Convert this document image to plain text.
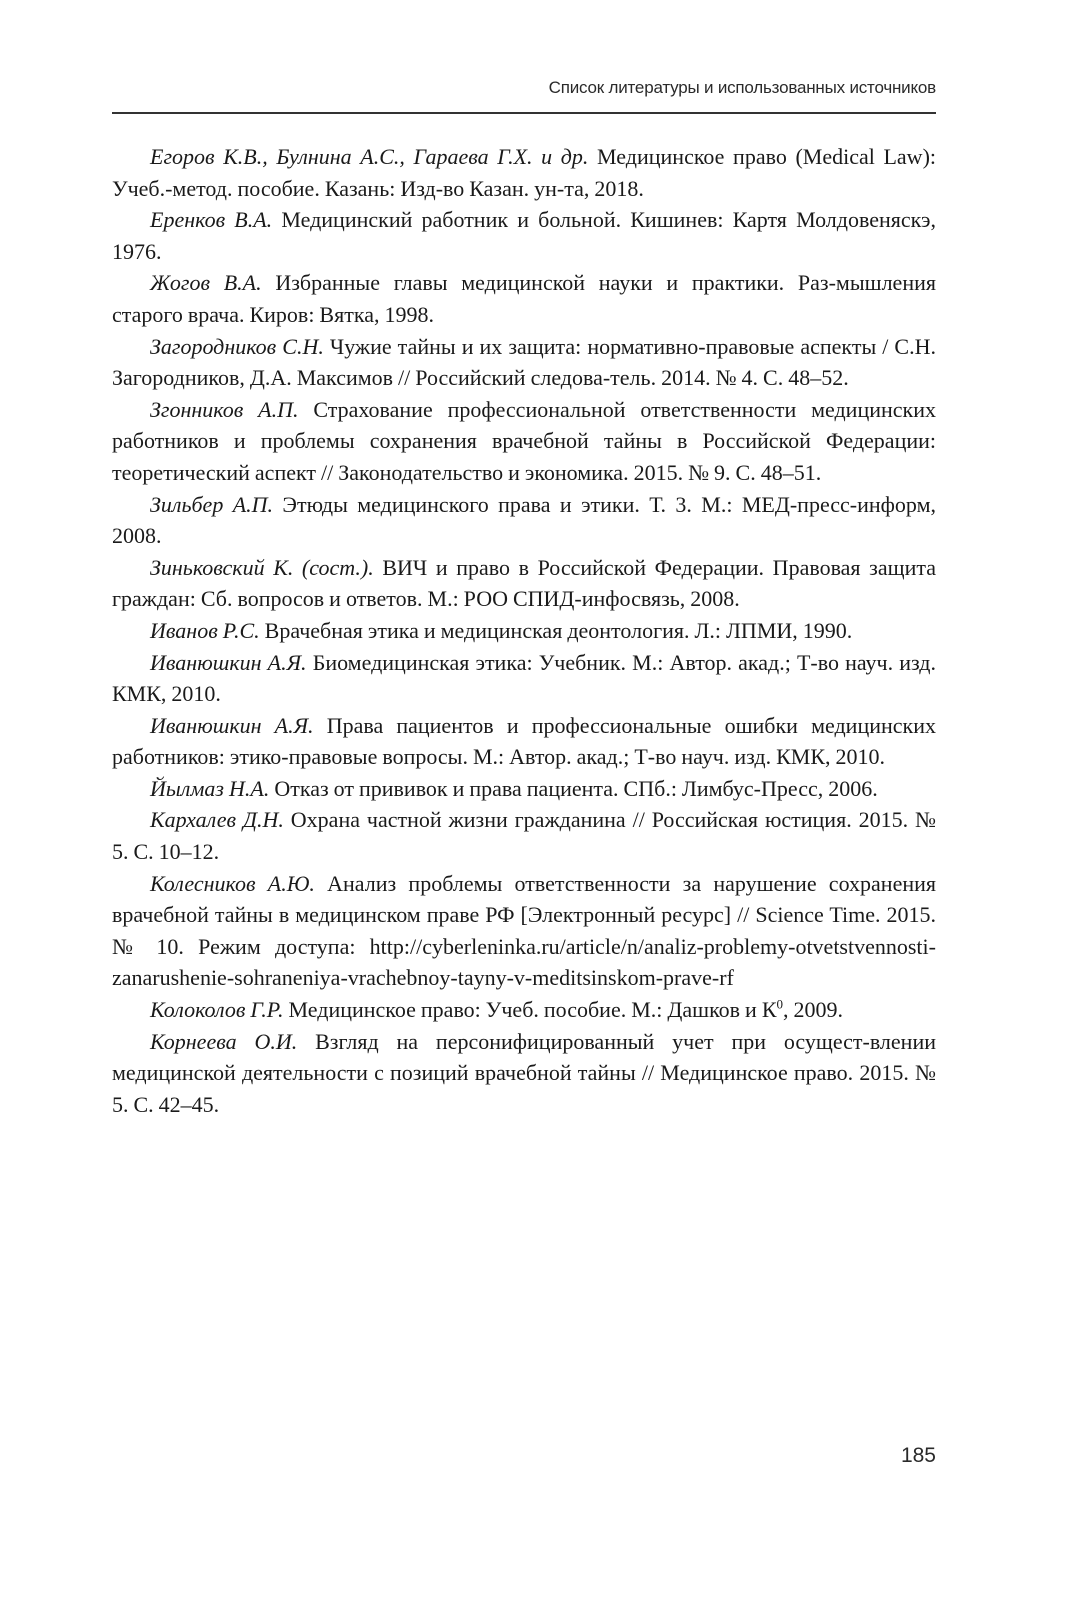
Список литературы и использованных источников

Егоров К.В., Булнина А.С., Гараева Г.Х. и др. Медицинское право (Medical Law): Учеб.-метод. пособие. Казань: Изд-во Казан. ун-та, 2018.

Еренков В.А. Медицинский работник и больной. Кишинев: Картя Молдовеняскэ, 1976.

Жогов В.А. Избранные главы медицинской науки и практики. Раз-мышления старого врача. Киров: Вятка, 1998.

Загородников С.Н. Чужие тайны и их защита: нормативно-правовые аспекты / С.Н. Загородников, Д.А. Максимов // Российский следова-тель. 2014. № 4. С. 48–52.

Згонников А.П. Страхование профессиональной ответственности медицинских работников и проблемы сохранения врачебной тайны в Российской Федерации: теоретический аспект // Законодательство и экономика. 2015. № 9. С. 48–51.

Зильбер А.П. Этюды медицинского права и этики. Т. 3. М.: МЕД-пресс-информ, 2008.

Зиньковский К. (сост.). ВИЧ и право в Российской Федерации. Правовая защита граждан: Сб. вопросов и ответов. М.: РОО СПИД-инфосвязь, 2008.

Иванов Р.С. Врачебная этика и медицинская деонтология. Л.: ЛПМИ, 1990.

Иванюшкин А.Я. Биомедицинская этика: Учебник. М.: Автор. акад.; Т-во науч. изд. КМК, 2010.

Иванюшкин А.Я. Права пациентов и профессиональные ошибки медицинских работников: этико-правовые вопросы. М.: Автор. акад.; Т-во науч. изд. КМК, 2010.

Йылмаз Н.А. Отказ от прививок и права пациента. СПб.: Лимбус-Пресс, 2006.

Кархалев Д.Н. Охрана частной жизни гражданина // Российская юстиция. 2015. № 5. С. 10–12.

Колесников А.Ю. Анализ проблемы ответственности за нарушение сохранения врачебной тайны в медицинском праве РФ [Электронный ресурс] // Science Time. 2015. № 10. Режим доступа: http://cyberleninka.ru/article/n/analiz-problemy-otvetstvennosti-zanarushenie-sohraneniya-vrachebnoy-tayny-v-meditsinskom-prave-rf

Колоколов Г.Р. Медицинское право: Учеб. пособие. М.: Дашков и $К^0$, 2009.

Корнеева О.И. Взгляд на персонифицированный учет при осущест-влении медицинской деятельности с позиций врачебной тайны // Медицинское право. 2015. № 5. С. 42–45.

185
